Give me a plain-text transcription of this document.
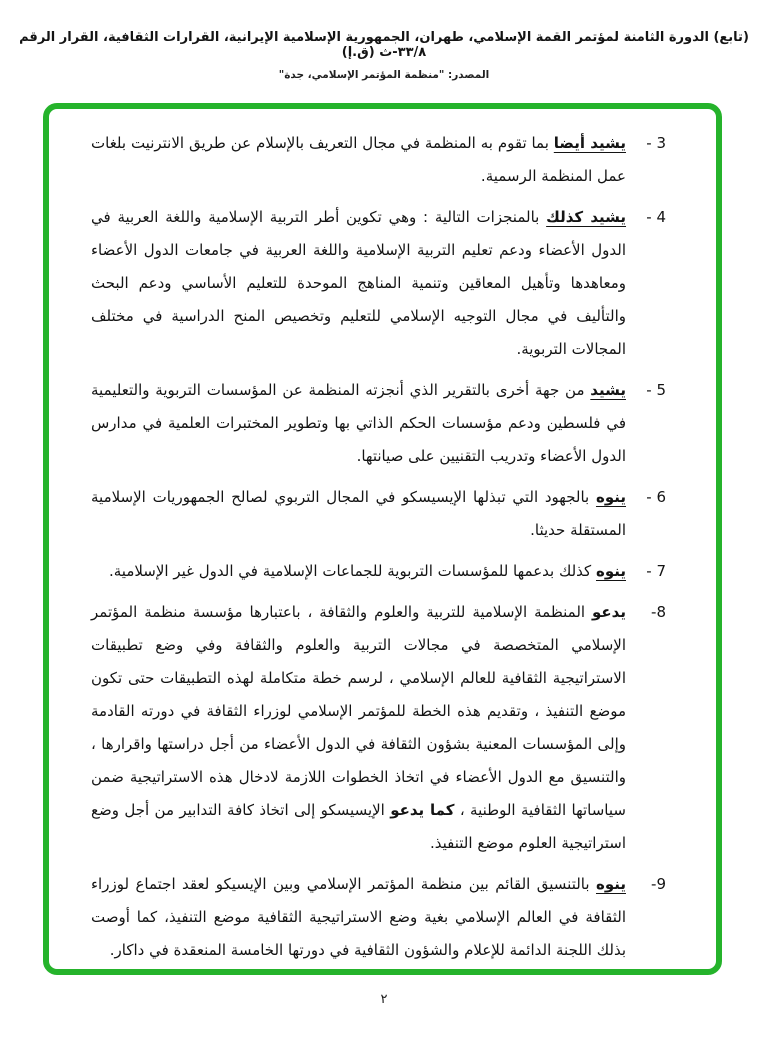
(تابع) الدورة الثامنة لمؤتمر القمة الإسلامي، طهران، الجمهورية الإسلامية الإيرانية، القرارات الثقافية، القرار الرقم ٣٣/٨-ث (ق.إ)
المصدر: "منظمة المؤتمر الإسلامي، جدة"
3 -

يشيد أيضا بما تقوم به المنظمة في مجال التعريف بالإسلام عن طريق الانترنيت بلغات عمل المنظمة الرسمية.

4 -

يشيد كذلك بالمنجزات التالية : وهي تكوين أطر التربية الإسلامية واللغة العربية في الدول الأعضاء ودعم تعليم التربية الإسلامية واللغة العربية في جامعات الدول الأعضاء ومعاهدها وتأهيل المعاقين وتنمية المناهج الموحدة للتعليم الأساسي ودعم البحث والتأليف في مجال التوجيه الإسلامي للتعليم وتخصيص المنح الدراسية في مختلف المجالات التربوية.

5 -

يشيد من جهة أخرى بالتقرير الذي أنجزته المنظمة عن المؤسسات التربوية والتعليمية في فلسطين ودعم مؤسسات الحكم الذاتي بها وتطوير المختبرات العلمية في مدارس الدول الأعضاء وتدريب التقنيين على صيانتها.

6 -

ينوه بالجهود التي تبذلها الإيسيسكو في المجال التربوي لصالح الجمهوريات الإسلامية المستقلة حديثا.

7 -

ينوه كذلك بدعمها للمؤسسات التربوية للجماعات الإسلامية في الدول غير الإسلامية.

8-

يدعو المنظمة الإسلامية للتربية والعلوم والثقافة ، باعتبارها مؤسسة منظمة المؤتمر الإسلامي المتخصصة في مجالات التربية والعلوم والثقافة وفي وضع تطبيقات الاستراتيجية الثقافية للعالم الإسلامي ، لرسم خطة متكاملة لهذه التطبيقات حتى تكون موضع التنفيذ ، وتقديم هذه الخطة للمؤتمر الإسلامي لوزراء الثقافة في دورته القادمة وإلى المؤسسات المعنية بشؤون الثقافة في الدول الأعضاء من أجل دراستها واقرارها ، والتنسيق مع الدول الأعضاء في اتخاذ الخطوات اللازمة لادخال هذه الاستراتيجية ضمن سياساتها الثقافية الوطنية ، كما يدعو الإيسيسكو إلى اتخاذ كافة التدابير من أجل وضع استراتيجية العلوم موضع التنفيذ.

9-

ينوه بالتنسيق القائم بين منظمة المؤتمر الإسلامي وبين الإيسيكو لعقد اجتماع لوزراء الثقافة في العالم الإسلامي بغية وضع الاستراتيجية الثقافية موضع التنفيذ، كما أوصت بذلك اللجنة الدائمة للإعلام والشؤون الثقافية في دورتها الخامسة المنعقدة في داكار.

٢
